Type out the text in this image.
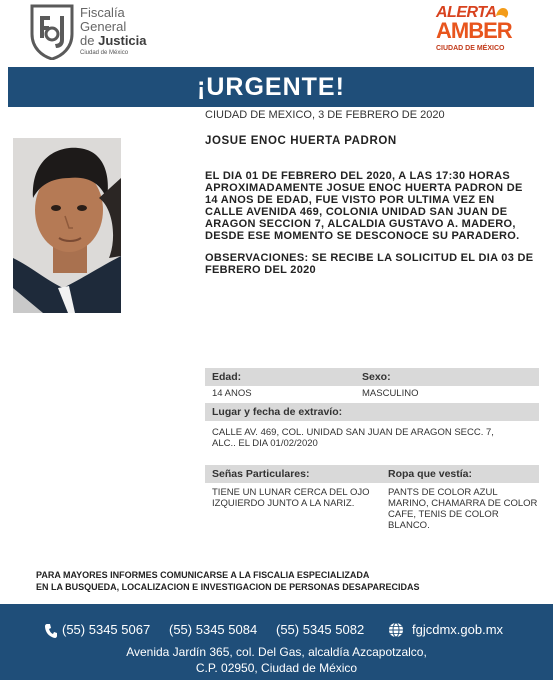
Fiscalía
General
de Justicia
Ciudad de México
ALERTA
AMBER
CIUDAD DE MÉXICO
¡URGENTE!
CIUDAD DE MEXICO, 3 DE FEBRERO DE 2020
JOSUE ENOC HUERTA PADRON
EL DIA 01 DE FEBRERO DEL 2020, A LAS 17:30 HORAS APROXIMADAMENTE JOSUE ENOC HUERTA PADRON DE 14 ANOS DE EDAD, FUE VISTO POR ULTIMA VEZ EN CALLE AVENIDA 469, COLONIA UNIDAD SAN JUAN DE ARAGON SECCION 7, ALCALDIA GUSTAVO A. MADERO, DESDE ESE MOMENTO SE DESCONOCE SU PARADERO.
OBSERVACIONES: SE RECIBE LA SOLICITUD EL DIA 03 DE FEBRERO DEL 2020
Edad:	Sexo:
14 ANOS	MASCULINO
Lugar y fecha de extravío:
CALLE AV. 469, COL. UNIDAD SAN JUAN DE ARAGON SECC. 7, ALC.. EL DIA 01/02/2020
Señas Particulares:	Ropa que vestía:
TIENE UN LUNAR CERCA DEL OJO IZQUIERDO JUNTO A LA NARIZ.
PANTS DE COLOR AZUL MARINO, CHAMARRA DE COLOR CAFE, TENIS DE COLOR BLANCO.
PARA MAYORES INFORMES COMUNICARSE A LA FISCALIA ESPECIALIZADA
EN LA BUSQUEDA, LOCALIZACION E INVESTIGACION DE PERSONAS DESAPARECIDAS
(55) 5345 5067 (55) 5345 5084 (55) 5345 5082	fgjcdmx.gob.mx
Avenida Jardín 365, col. Del Gas, alcaldía Azcapotzalco,
C.P. 02950, Ciudad de México
